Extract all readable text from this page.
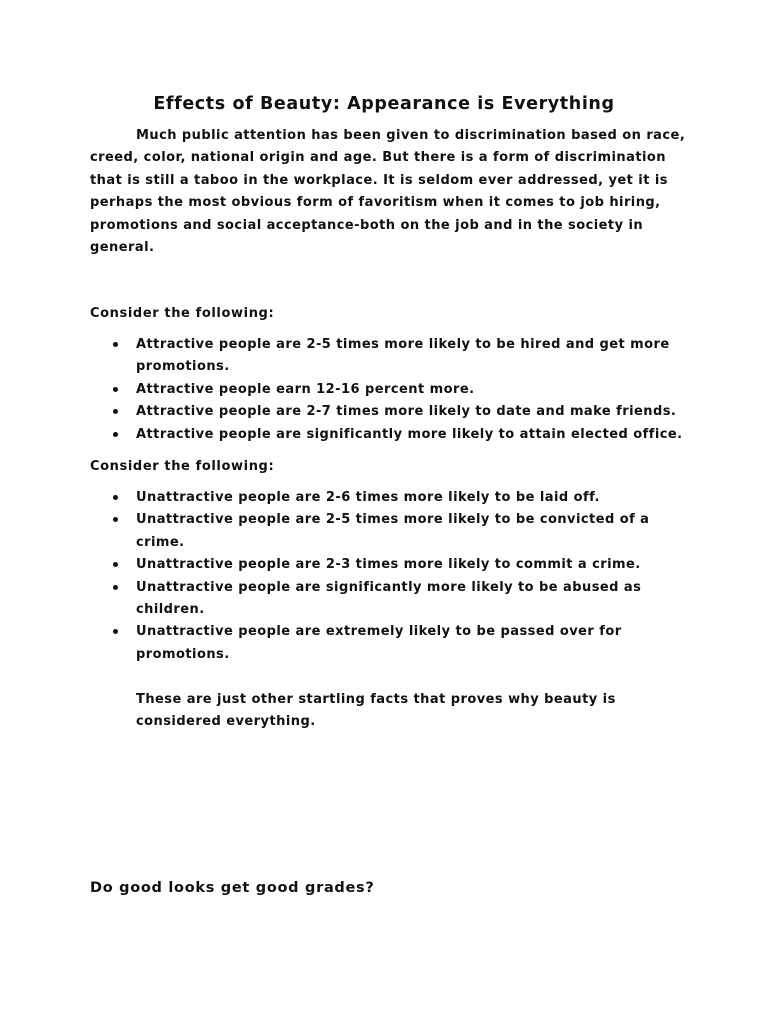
Effects of Beauty: Appearance is Everything

Much public attention has been given to discrimination based on race, creed, color, national origin and age. But there is a form of discrimination that is still a taboo in the workplace. It is seldom ever addressed, yet it is perhaps the most obvious form of favoritism when it comes to job hiring, promotions and social acceptance-both on the job and in the society in general.

Consider the following:
Attractive people are 2-5 times more likely to be hired and get more promotions.
Attractive people earn 12-16 percent more.
Attractive people are 2-7 times more likely to date and make friends.
Attractive people are significantly more likely to attain elected office.
Consider the following:
Unattractive people are 2-6 times more likely to be laid off.
Unattractive people are 2-5 times more likely to be convicted of a crime.
Unattractive people are 2-3 times more likely to commit a crime.
Unattractive people are significantly more likely to be abused as children.
Unattractive people are extremely likely to be passed over for promotions.

These are just other startling facts that proves why beauty is considered everything.

Do good looks get good grades?
